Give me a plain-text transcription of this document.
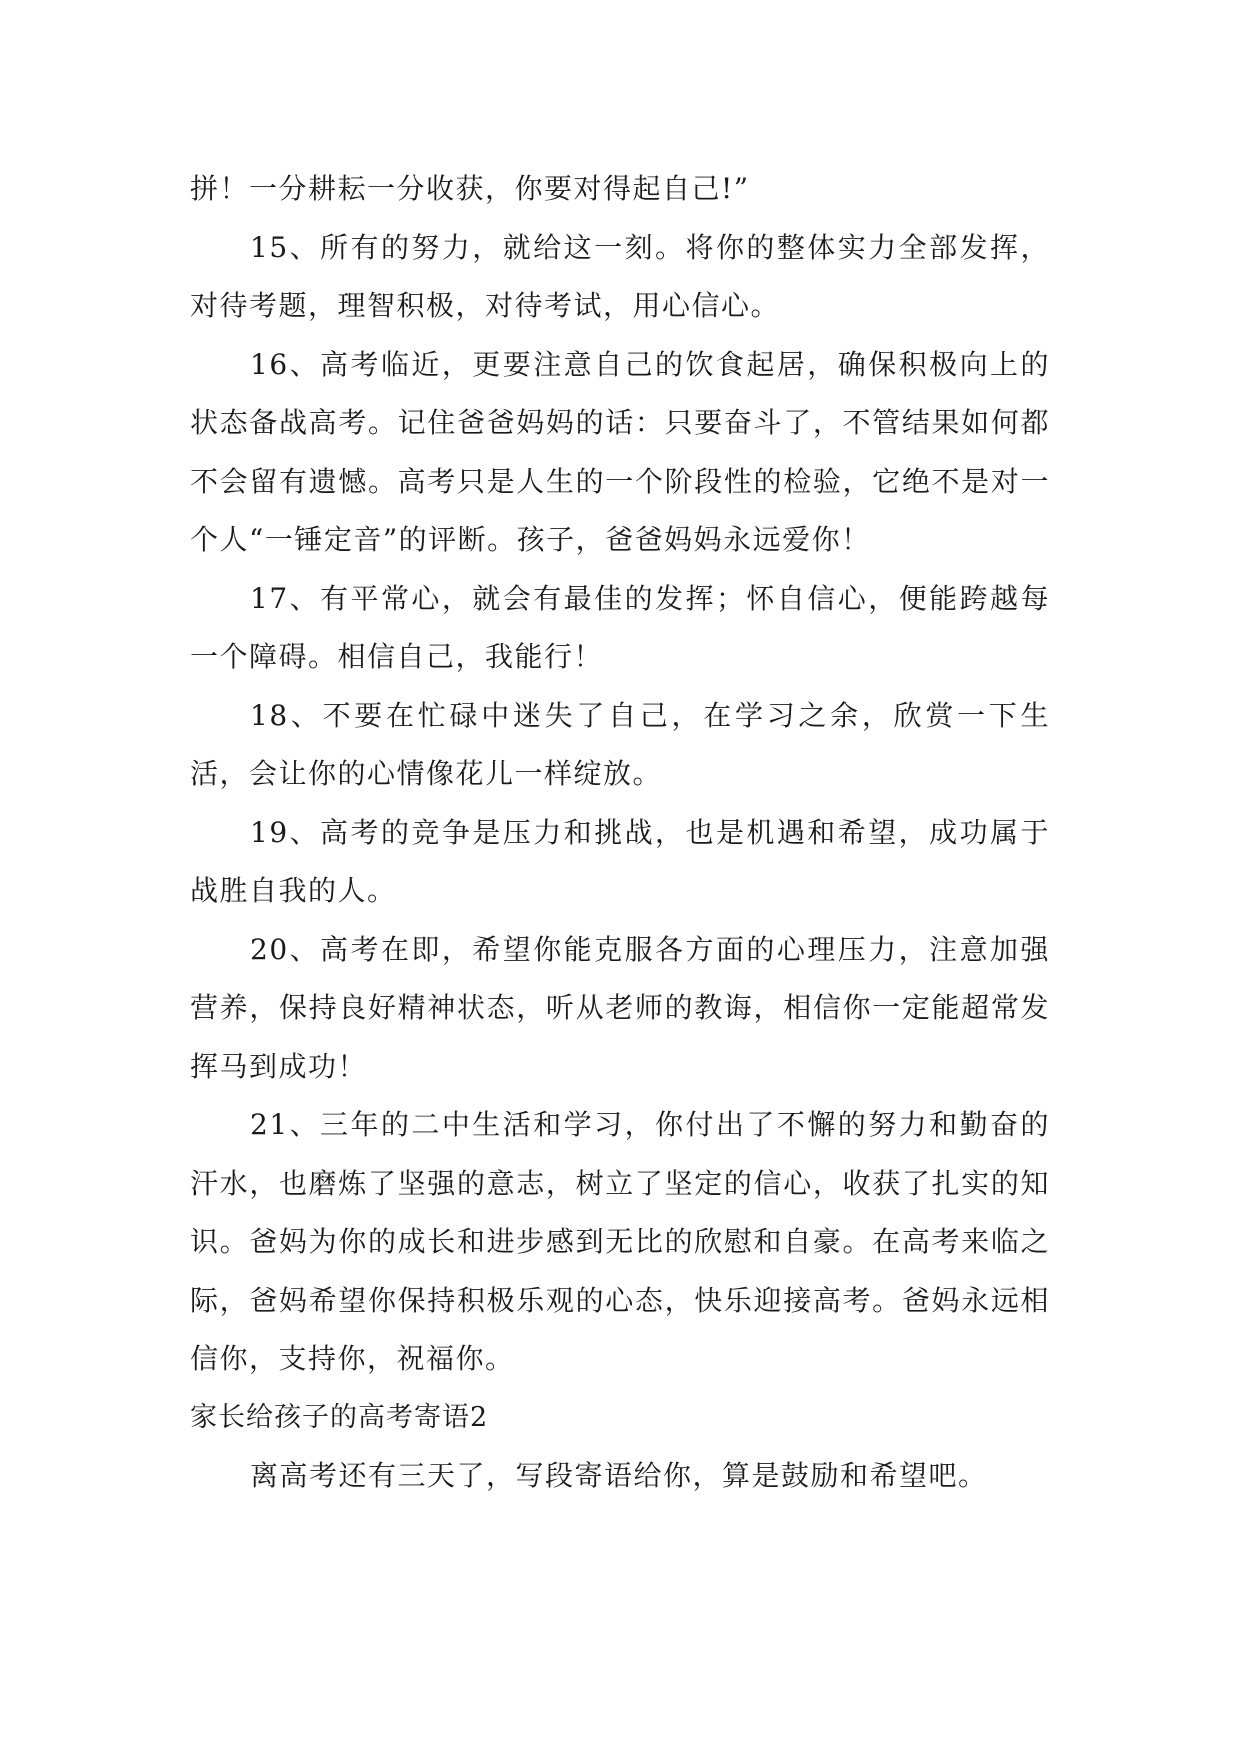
拼！一分耕耘一分收获，你要对得起自己!”

15、所有的努力，就给这一刻。将你的整体实力全部发挥，对待考题，理智积极，对待考试，用心信心。

16、高考临近，更要注意自己的饮食起居，确保积极向上的状态备战高考。记住爸爸妈妈的话：只要奋斗了，不管结果如何都不会留有遗憾。高考只是人生的一个阶段性的检验，它绝不是对一个人“一锤定音”的评断。孩子，爸爸妈妈永远爱你！

17、有平常心，就会有最佳的发挥；怀自信心，便能跨越每一个障碍。相信自己，我能行！

18、不要在忙碌中迷失了自己，在学习之余，欣赏一下生活，会让你的心情像花儿一样绽放。

19、高考的竞争是压力和挑战，也是机遇和希望，成功属于战胜自我的人。

20、高考在即，希望你能克服各方面的心理压力，注意加强营养，保持良好精神状态，听从老师的教诲，相信你一定能超常发挥马到成功！

21、三年的二中生活和学习，你付出了不懈的努力和勤奋的汗水，也磨炼了坚强的意志，树立了坚定的信心，收获了扎实的知识。爸妈为你的成长和进步感到无比的欣慰和自豪。在高考来临之际，爸妈希望你保持积极乐观的心态，快乐迎接高考。爸妈永远相信你，支持你，祝福你。

家长给孩子的高考寄语2

离高考还有三天了，写段寄语给你，算是鼓励和希望吧。
